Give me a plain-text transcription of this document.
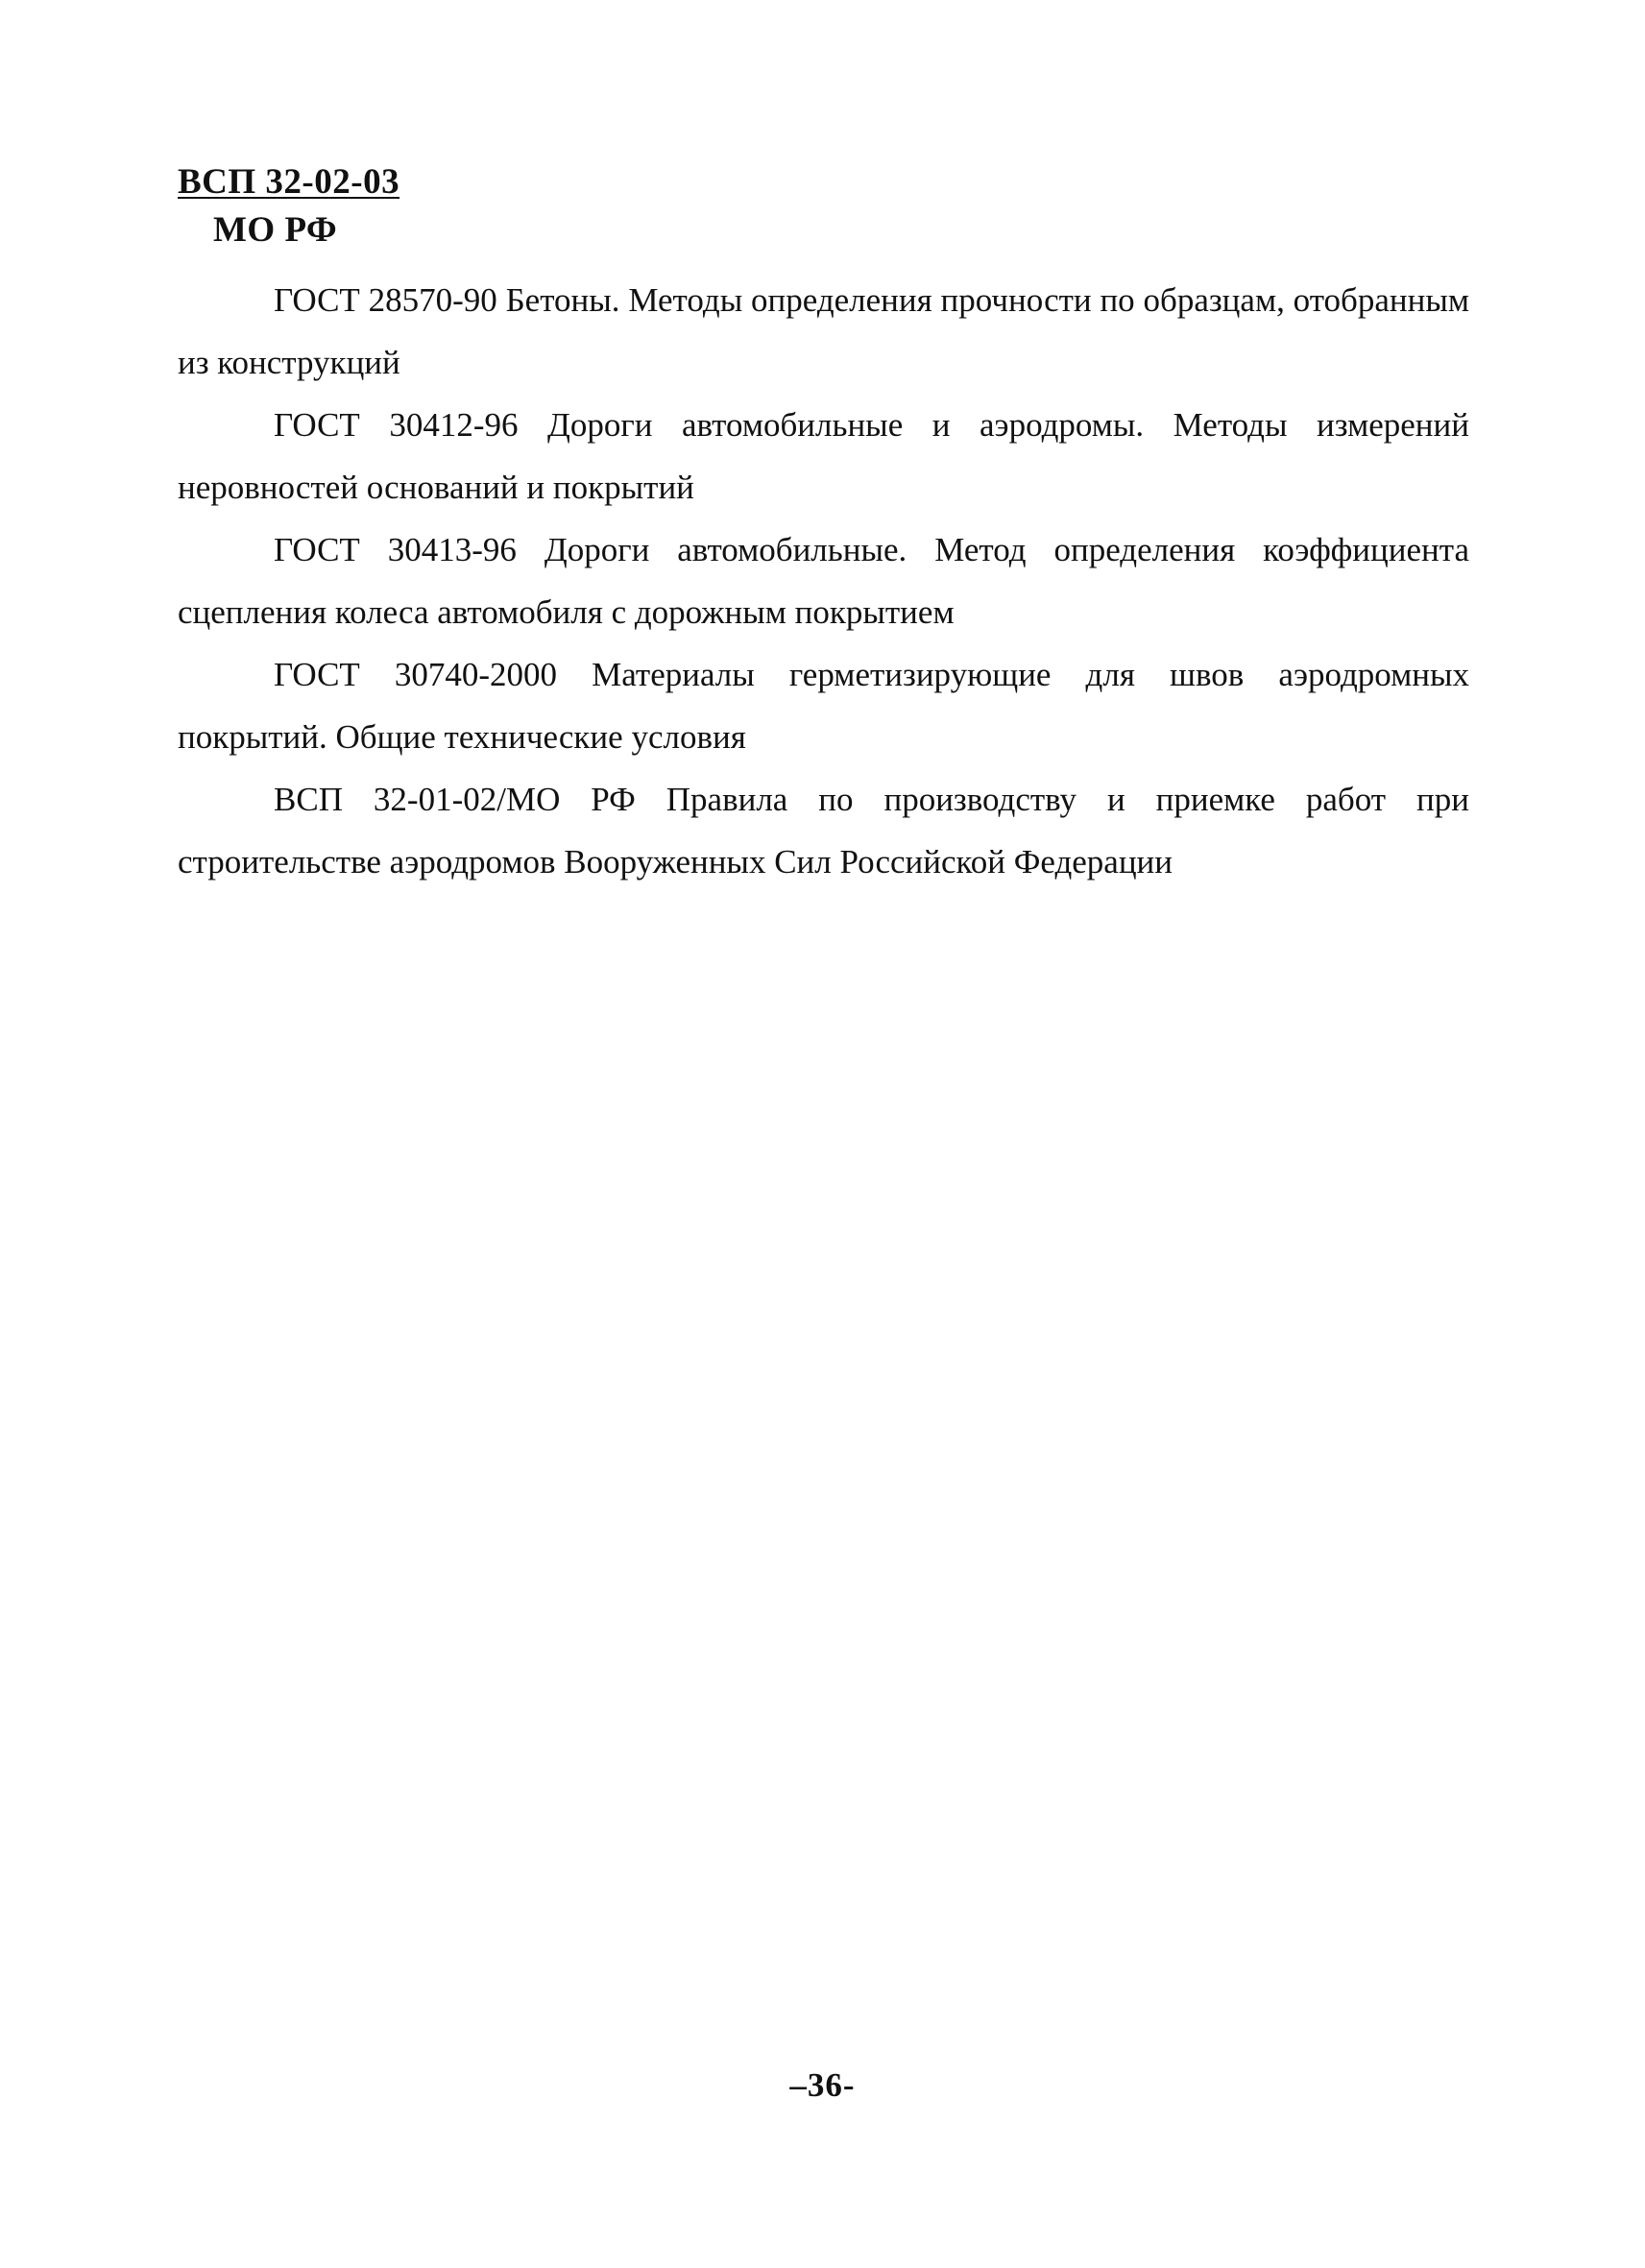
ВСП 32-02-03
МО РФ
ГОСТ 28570-90 Бетоны. Методы определения прочности по образцам, отобранным из конструкций
ГОСТ 30412-96 Дороги автомобильные и аэродромы. Методы измерений неровностей оснований и покрытий
ГОСТ 30413-96 Дороги автомобильные. Метод определения коэффициента сцепления колеса автомобиля с дорожным покрытием
ГОСТ 30740-2000 Материалы герметизирующие для швов аэродромных покрытий. Общие технические условия
ВСП 32-01-02/МО РФ Правила по производству и приемке работ при строительстве аэродромов Вооруженных Сил Российской Федерации
–36-
